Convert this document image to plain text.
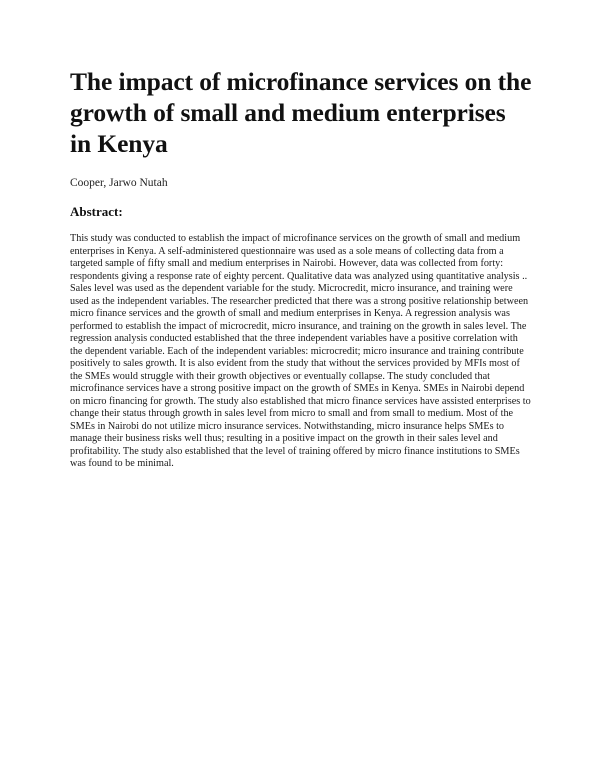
The impact of microfinance services on the growth of small and medium enterprises in Kenya
Cooper, Jarwo Nutah
Abstract:

This study was conducted to establish the impact of microfinance services on the growth of small and medium enterprises in Kenya. A self-administered questionnaire was used as a sole means of collecting data from a targeted sample of fifty small and medium enterprises in Nairobi. However, data was collected from forty: respondents giving a response rate of eighty percent. Qualitative data was analyzed using quantitative analysis .. Sales level was used as the dependent variable for the study. Microcredit, micro insurance, and training were used as the independent variables. The researcher predicted that there was a strong positive relationship between micro finance services and the growth of small and medium enterprises in Kenya. A regression analysis was performed to establish the impact of microcredit, micro insurance, and training on the growth in sales level. The regression analysis conducted established that the three independent variables have a positive correlation with the dependent variable. Each of the independent variables: microcredit; micro insurance and training contribute positively to sales growth. It is also evident from the study that without the services provided by MFIs most of the SMEs would struggle with their growth objectives or eventually collapse. The study concluded that microfinance services have a strong positive impact on the growth of SMEs in Kenya. SMEs in Nairobi depend on micro financing for growth. The study also established that micro finance services have assisted enterprises to change their status through growth in sales level from micro to small and from small to medium. Most of the SMEs in Nairobi do not utilize micro insurance services. Notwithstanding, micro insurance helps SMEs to manage their business risks well thus; resulting in a positive impact on the growth in their sales level and profitability. The study also established that the level of training offered by micro finance institutions to SMEs was found to be minimal.
